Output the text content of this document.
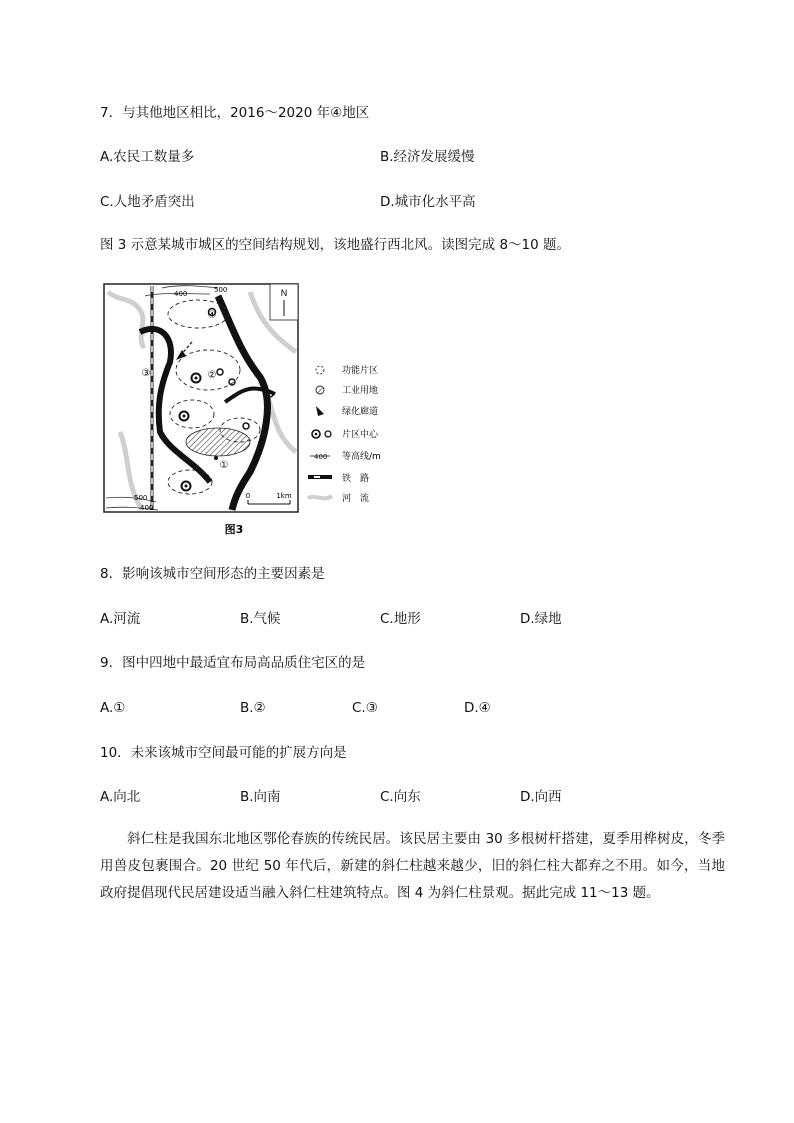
7．与其他地区相比，2016～2020 年④地区
A.农民工数量多	B.经济发展缓慢
C.人地矛盾突出	D.城市化水平高
图 3 示意某城市城区的空间结构规划，该地盛行西北风。读图完成 8～10 题。
N
④
②
③
①
500
400
500
400
0	1km
功能片区
工业用地
绿化廊道
片区中心
400 等高线/m
铁　路
河　流
图3
8．影响该城市空间形态的主要因素是
A.河流	B.气候	C.地形	D.绿地
9．图中四地中最适宜布局高品质住宅区的是
A.①	B.②	C.③	D.④
10．未来该城市空间最可能的扩展方向是
A.向北	B.向南	C.向东	D.向西
斜仁柱是我国东北地区鄂伦春族的传统民居。该民居主要由 30 多根树杆搭建，夏季用桦树皮，冬季用兽皮包裹围合。20 世纪 50 年代后，新建的斜仁柱越来越少，旧的斜仁柱大都弃之不用。如今，当地政府提倡现代民居建设适当融入斜仁柱建筑特点。图 4 为斜仁柱景观。据此完成 11～13 题。
